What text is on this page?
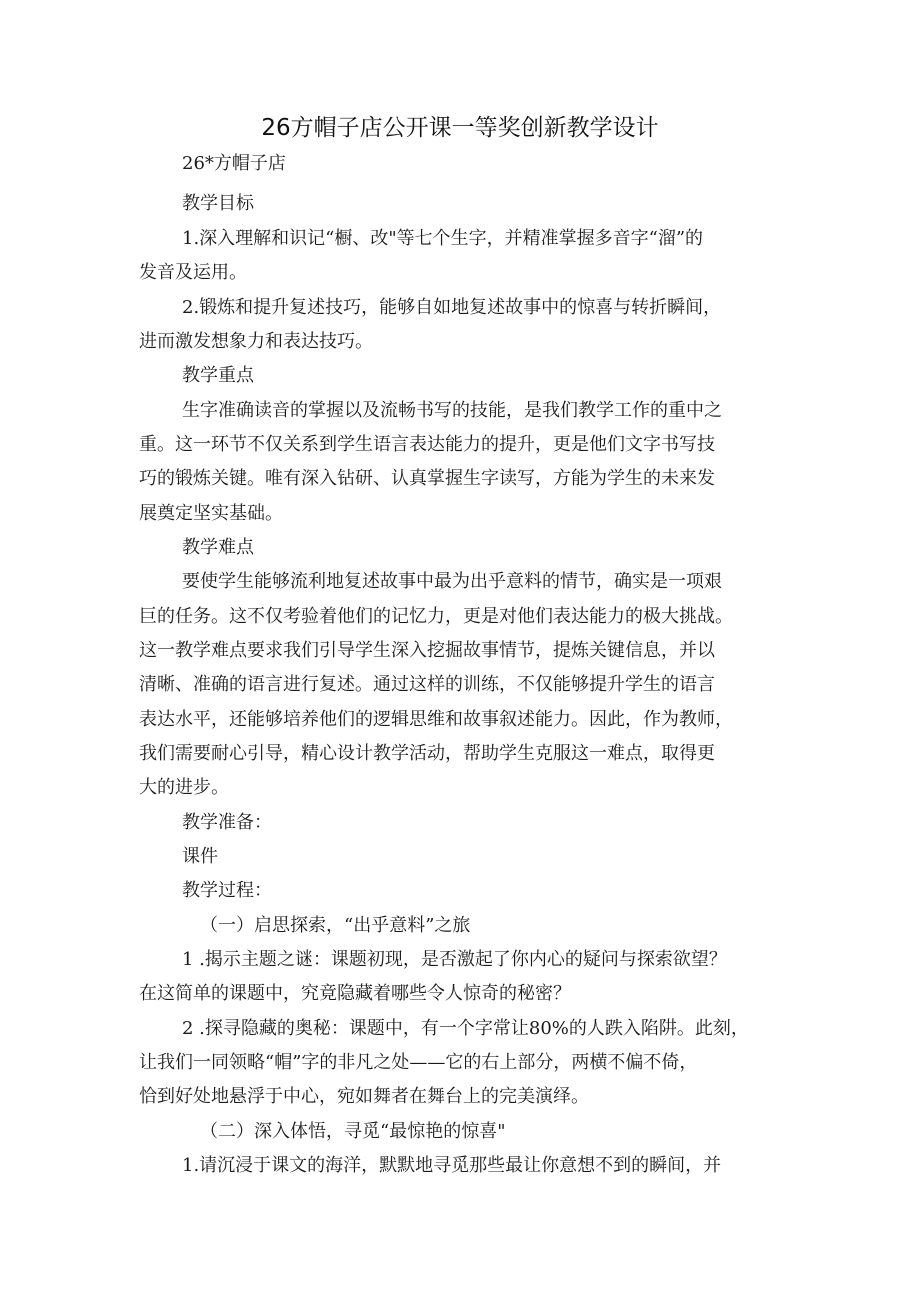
26方帽子店公开课一等奖创新教学设计
26*方帽子店
教学目标
1.深入理解和识记“橱、改"等七个生字，并精准掌握多音字“溜”的
发音及运用。
2.锻炼和提升复述技巧，能够自如地复述故事中的惊喜与转折瞬间，
进而激发想象力和表达技巧。
教学重点
生字准确读音的掌握以及流畅书写的技能，是我们教学工作的重中之
重。这一环节不仅关系到学生语言表达能力的提升，更是他们文字书写技
巧的锻炼关键。唯有深入钻研、认真掌握生字读写，方能为学生的未来发
展奠定坚实基础。
教学难点
要使学生能够流利地复述故事中最为出乎意料的情节，确实是一项艰
巨的任务。这不仅考验着他们的记忆力，更是对他们表达能力的极大挑战。
这一教学难点要求我们引导学生深入挖掘故事情节，提炼关键信息，并以
清晰、准确的语言进行复述。通过这样的训练，不仅能够提升学生的语言
表达水平，还能够培养他们的逻辑思维和故事叙述能力。因此，作为教师，
我们需要耐心引导，精心设计教学活动，帮助学生克服这一难点，取得更
大的进步。
教学准备：
课件
教学过程：
（一）启思探索，“出乎意料”之旅
1 .揭示主题之谜：课题初现，是否激起了你内心的疑问与探索欲望？
在这简单的课题中，究竟隐藏着哪些令人惊奇的秘密？
2 .探寻隐藏的奥秘：课题中，有一个字常让80%的人跌入陷阱。此刻，
让我们一同领略“帽”字的非凡之处——它的右上部分，两横不偏不倚，
恰到好处地悬浮于中心，宛如舞者在舞台上的完美演绎。
（二）深入体悟，寻觅“最惊艳的惊喜"
1.请沉浸于课文的海洋，默默地寻觅那些最让你意想不到的瞬间，并
